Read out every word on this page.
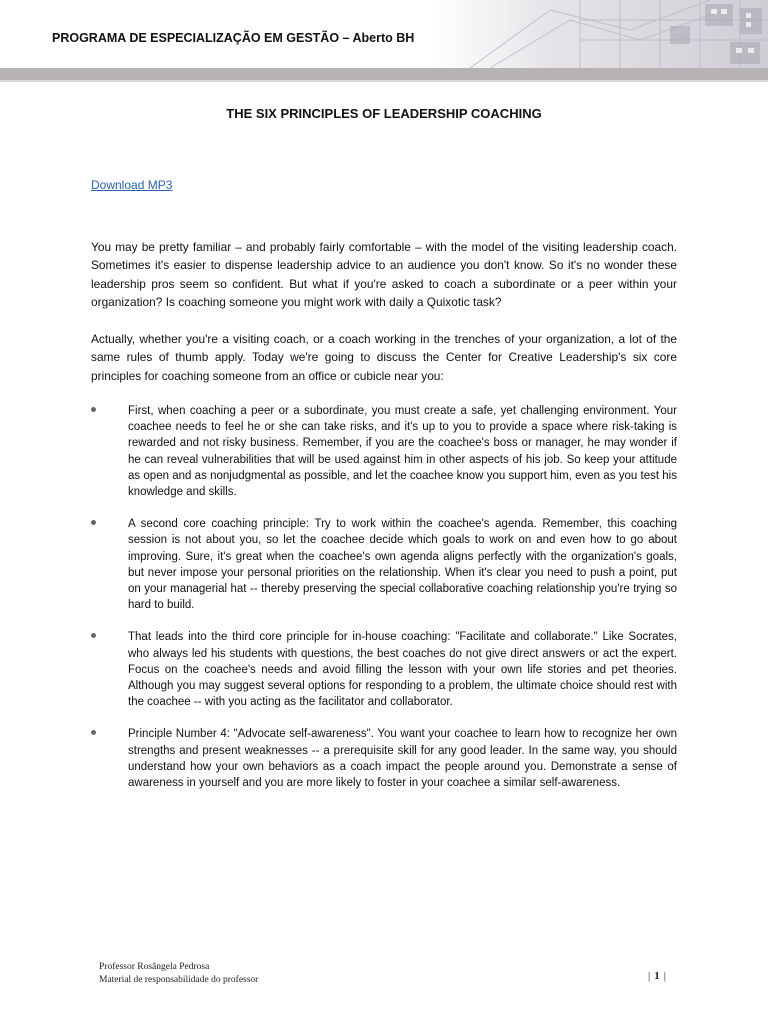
PROGRAMA DE ESPECIALIZAÇÃO EM GESTÃO – Aberto BH
THE SIX PRINCIPLES OF LEADERSHIP COACHING
Download MP3

You may be pretty familiar – and probably fairly comfortable – with the model of the visiting leadership coach. Sometimes it's easier to dispense leadership advice to an audience you don't know. So it's no wonder these leadership pros seem so confident. But what if you're asked to coach a subordinate or a peer within your organization? Is coaching someone you might work with daily a Quixotic task?

Actually, whether you're a visiting coach, or a coach working in the trenches of your organization, a lot of the same rules of thumb apply. Today we're going to discuss the Center for Creative Leadership's six core principles for coaching someone from an office or cubicle near you:

First, when coaching a peer or a subordinate, you must create a safe, yet challenging environment. Your coachee needs to feel he or she can take risks, and it's up to you to provide a space where risk-taking is rewarded and not risky business. Remember, if you are the coachee's boss or manager, he may wonder if he can reveal vulnerabilities that will be used against him in other aspects of his job. So keep your attitude as open and as nonjudgmental as possible, and let the coachee know you support him, even as you test his knowledge and skills.
A second core coaching principle: Try to work within the coachee's agenda. Remember, this coaching session is not about you, so let the coachee decide which goals to work on and even how to go about improving. Sure, it's great when the coachee's own agenda aligns perfectly with the organization's goals, but never impose your personal priorities on the relationship. When it's clear you need to push a point, put on your managerial hat -- thereby preserving the special collaborative coaching relationship you're trying so hard to build.
That leads into the third core principle for in-house coaching: "Facilitate and collaborate." Like Socrates, who always led his students with questions, the best coaches do not give direct answers or act the expert. Focus on the coachee's needs and avoid filling the lesson with your own life stories and pet theories. Although you may suggest several options for responding to a problem, the ultimate choice should rest with the coachee -- with you acting as the facilitator and collaborator.
Principle Number 4: "Advocate self-awareness". You want your coachee to learn how to recognize her own strengths and present weaknesses -- a prerequisite skill for any good leader. In the same way, you should understand how your own behaviors as a coach impact the people around you. Demonstrate a sense of awareness in yourself and you are more likely to foster in your coachee a similar self-awareness.
Professor Rosângela Pedrosa
Material de responsabilidade do professor	| 1 |
